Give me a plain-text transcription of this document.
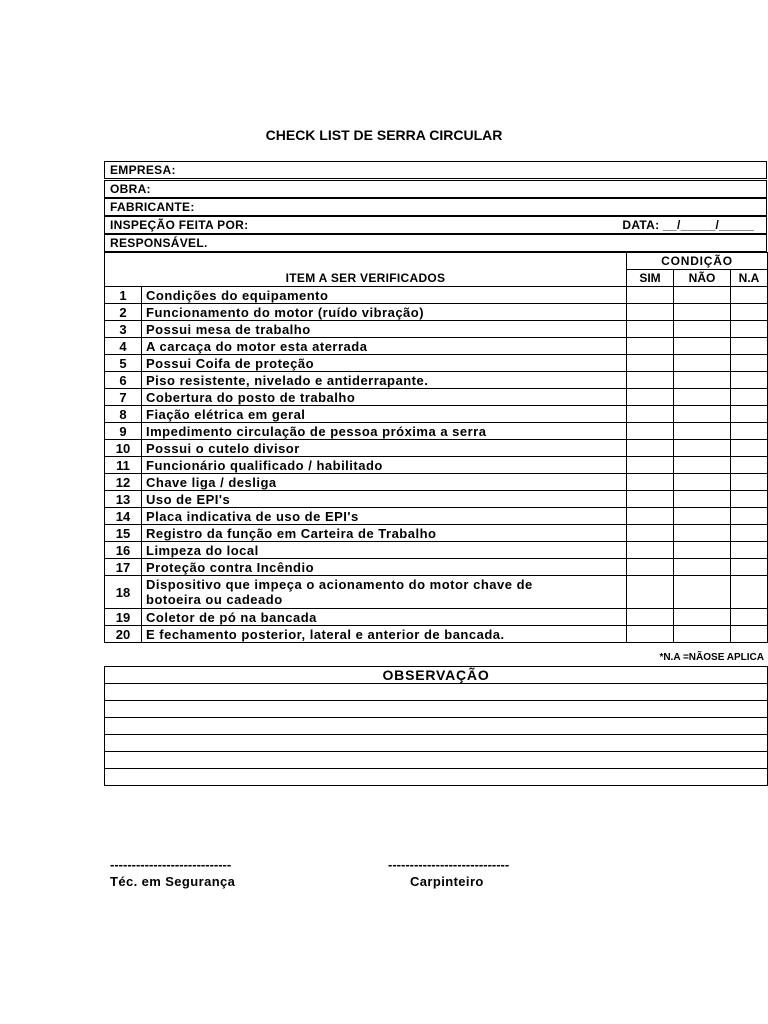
CHECK LIST DE SERRA CIRCULAR
EMPRESA:
OBRA:
FABRICANTE:
INSPEÇÃO FEITA POR:	DATA: __/_____/_____
RESPONSÁVEL.
ITEM A SER VERIFICADOS		CONDIÇÃO		
		SIM	NÃO	N.A
1	Condições do equipamento			
2	Funcionamento do motor (ruído vibração)			
3	Possui mesa de trabalho			
4	A carcaça do motor esta aterrada			
5	Possui Coifa de proteção			
6	Piso resistente, nivelado e antiderrapante.			
7	Cobertura do posto de trabalho			
8	Fiação elétrica em geral			
9	Impedimento circulação de pessoa próxima a serra			
10	Possui o cutelo divisor			
11	Funcionário qualificado / habilitado			
12	Chave liga / desliga			
13	Uso de EPI's			
14	Placa indicativa de uso de EPI's			
15	Registro da função em Carteira de Trabalho			
16	Limpeza do local			
17	Proteção contra Incêndio			
18	Dispositivo que impeça o acionamento do motor chave de
botoeira ou cadeado			

19	Coletor de pó na bancada			
20	E fechamento posterior, lateral e anterior de bancada.			
*N.A =NÃOSE APLICA
OBSERVAÇÃO

----------------------------
Téc. em Segurança
----------------------------
Carpinteiro
